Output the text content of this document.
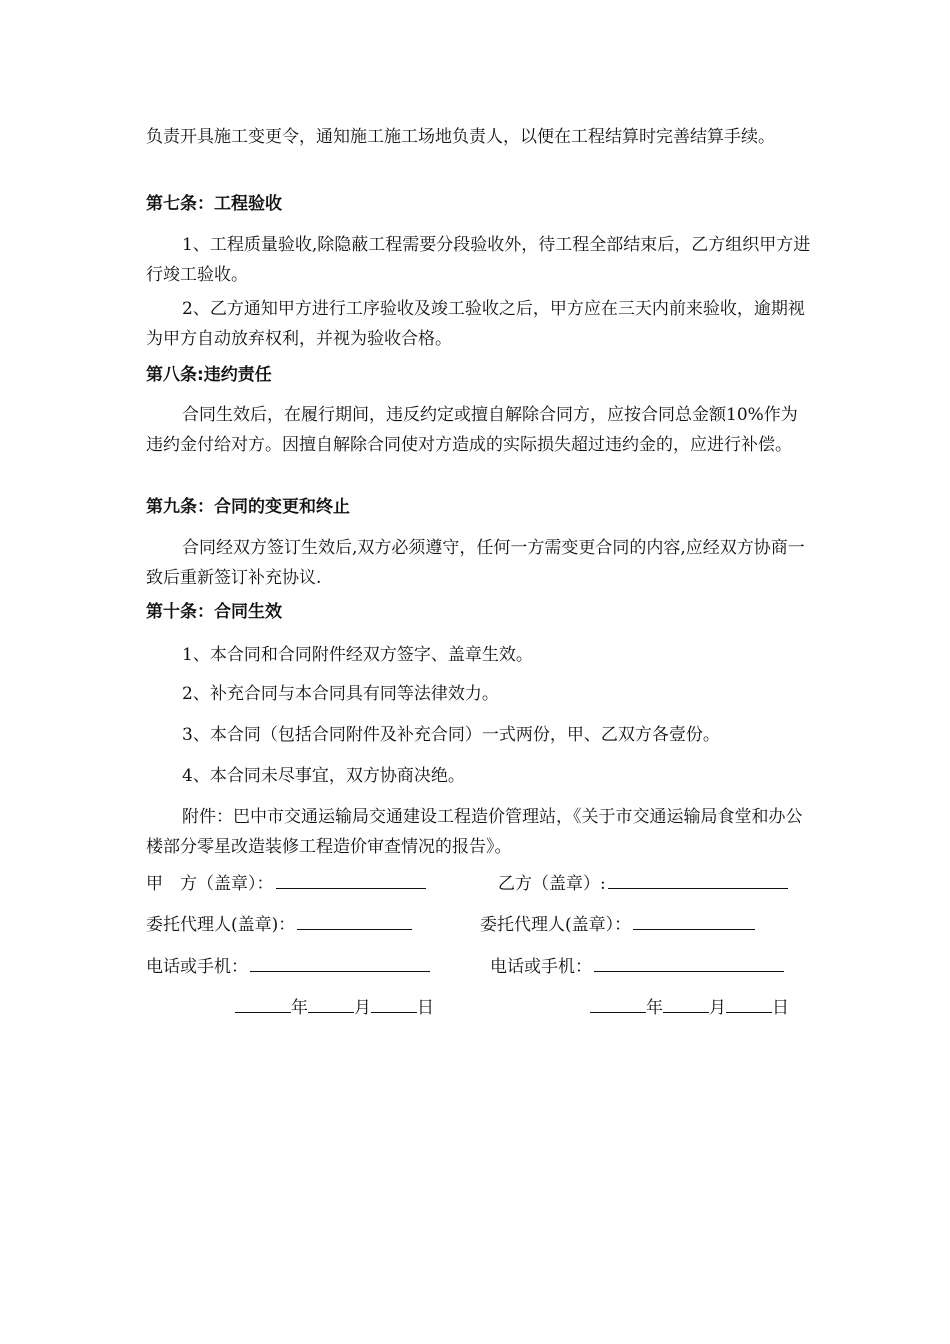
负责开具施工变更令，通知施工施工场地负责人，以便在工程结算时完善结算手续。
第七条：工程验收
1、工程质量验收,除隐蔽工程需要分段验收外，待工程全部结束后，乙方组织甲方进行竣工验收。
2、乙方通知甲方进行工序验收及竣工验收之后，甲方应在三天内前来验收，逾期视为甲方自动放弃权利，并视为验收合格。
第八条:违约责任
合同生效后，在履行期间，违反约定或擅自解除合同方，应按合同总金额10%作为违约金付给对方。因擅自解除合同使对方造成的实际损失超过违约金的，应进行补偿。
第九条：合同的变更和终止
合同经双方签订生效后,双方必须遵守，任何一方需变更合同的内容,应经双方协商一致后重新签订补充协议.
第十条：合同生效
1、本合同和合同附件经双方签字、盖章生效。
2、补充合同与本合同具有同等法律效力。
3、本合同（包括合同附件及补充合同）一式两份，甲、乙双方各壹份。
4、本合同未尽事宜，双方协商决绝。
附件：巴中市交通运输局交通建设工程造价管理站，《关于市交通运输局食堂和办公楼部分零星改造装修工程造价审查情况的报告》。
甲　方（盖章）：	乙方（盖章）:
委托代理人(盖章)：	委托代理人(盖章）：
电话或手机：	电话或手机：
年	月	日	年	月	日
